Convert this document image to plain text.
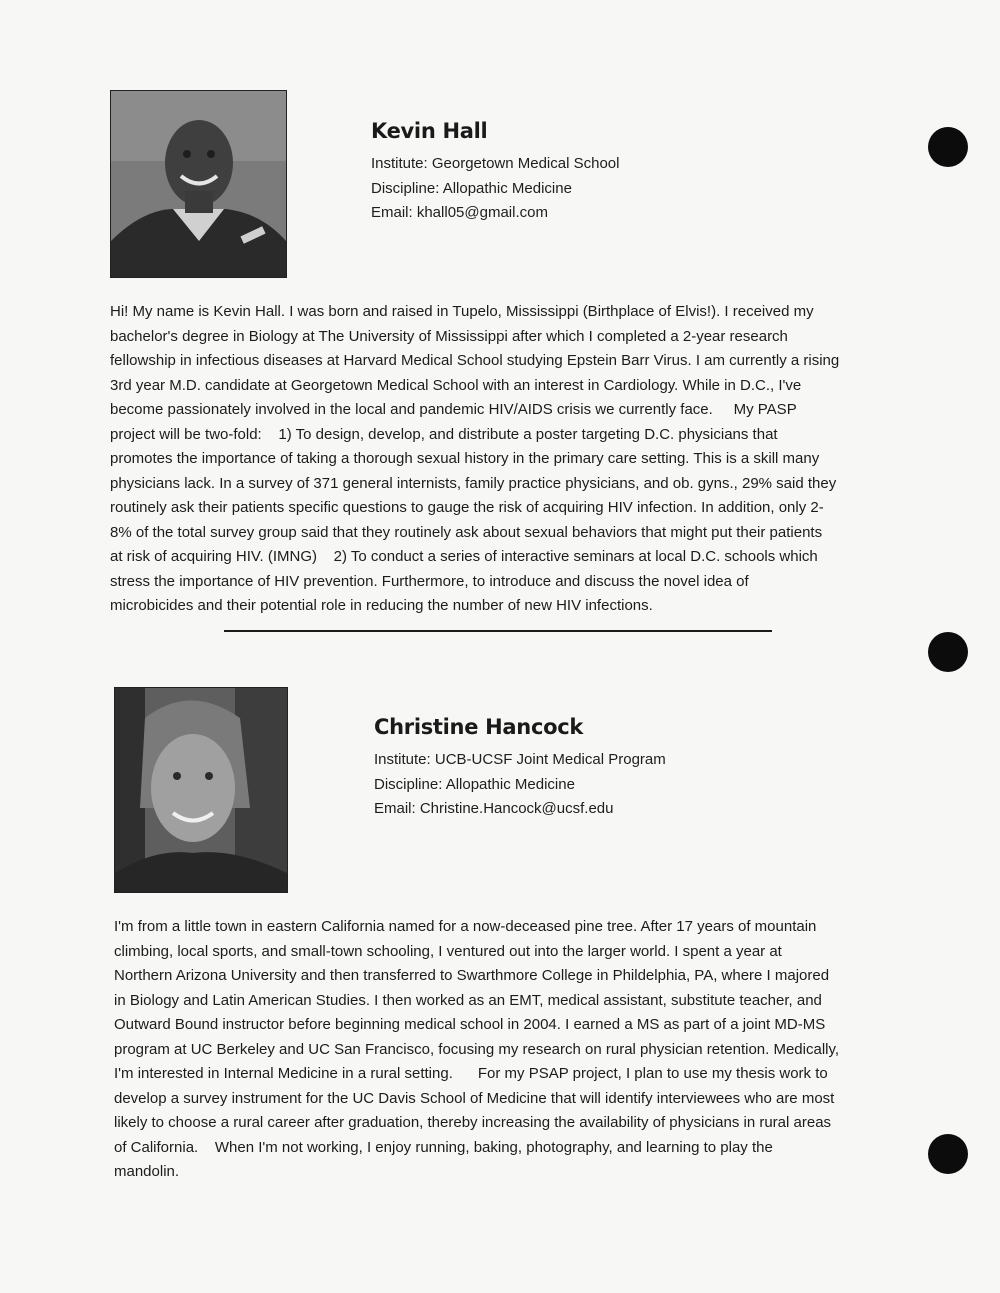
Kevin Hall
Institute: Georgetown Medical School
Discipline: Allopathic Medicine
Email: khall05@gmail.com
Hi! My name is Kevin Hall. I was born and raised in Tupelo, Mississippi (Birthplace of Elvis!). I received my
bachelor's degree in Biology at The University of Mississippi after which I completed a 2-year research
fellowship in infectious diseases at Harvard Medical School studying Epstein Barr Virus. I am currently a rising
3rd year M.D. candidate at Georgetown Medical School with an interest in Cardiology. While in D.C., I've
become passionately involved in the local and pandemic HIV/AIDS crisis we currently face.     My PASP
project will be two-fold:    1) To design, develop, and distribute a poster targeting D.C. physicians that
promotes the importance of taking a thorough sexual history in the primary care setting. This is a skill many
physicians lack. In a survey of 371 general internists, family practice physicians, and ob. gyns., 29% said they
routinely ask their patients specific questions to gauge the risk of acquiring HIV infection. In addition, only 2-
8% of the total survey group said that they routinely ask about sexual behaviors that might put their patients
at risk of acquiring HIV. (IMNG)    2) To conduct a series of interactive seminars at local D.C. schools which
stress the importance of HIV prevention. Furthermore, to introduce and discuss the novel idea of
microbicides and their potential role in reducing the number of new HIV infections.
Christine Hancock
Institute: UCB-UCSF Joint Medical Program
Discipline: Allopathic Medicine
Email: Christine.Hancock@ucsf.edu
I'm from a little town in eastern California named for a now-deceased pine tree. After 17 years of mountain
climbing, local sports, and small-town schooling, I ventured out into the larger world. I spent a year at
Northern Arizona University and then transferred to Swarthmore College in Phildelphia, PA, where I majored
in Biology and Latin American Studies. I then worked as an EMT, medical assistant, substitute teacher, and
Outward Bound instructor before beginning medical school in 2004. I earned a MS as part of a joint MD-MS
program at UC Berkeley and UC San Francisco, focusing my research on rural physician retention. Medically,
I'm interested in Internal Medicine in a rural setting.      For my PSAP project, I plan to use my thesis work to
develop a survey instrument for the UC Davis School of Medicine that will identify interviewees who are most
likely to choose a rural career after graduation, thereby increasing the availability of physicians in rural areas
of California.    When I'm not working, I enjoy running, baking, photography, and learning to play the
mandolin.
